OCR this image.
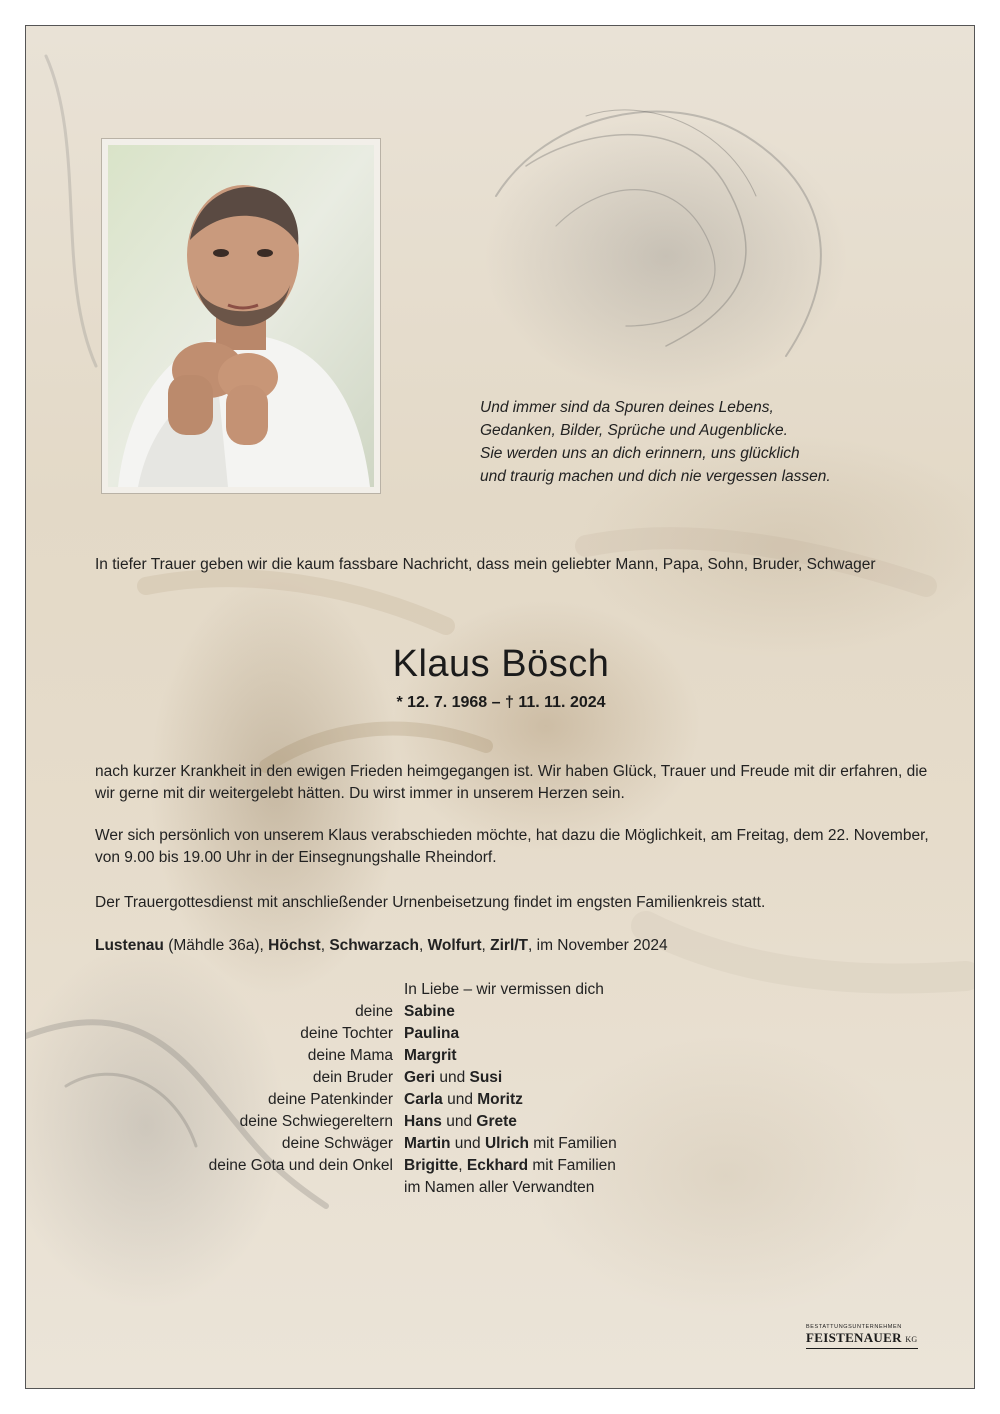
Und immer sind da Spuren deines Lebens,
Gedanken, Bilder, Sprüche und Augenblicke.
Sie werden uns an dich erinnern, uns glücklich
und traurig machen und dich nie vergessen lassen.
In tiefer Trauer geben wir die kaum fassbare Nachricht, dass mein geliebter Mann, Papa, Sohn, Bruder, Schwager
Klaus Bösch
* 12. 7. 1968 – † 11. 11. 2024
nach kurzer Krankheit in den ewigen Frieden heimgegangen ist. Wir haben Glück, Trauer und Freude mit dir erfahren, die wir gerne mit dir weitergelebt hätten. Du wirst immer in unserem Herzen sein.
Wer sich persönlich von unserem Klaus verabschieden möchte, hat dazu die Möglichkeit, am Freitag, dem 22. November, von 9.00 bis 19.00 Uhr in der Einsegnungshalle Rheindorf.
Der Trauergottesdienst mit anschließender Urnenbeisetzung findet im engsten Familienkreis statt.
Lustenau (Mähdle 36a), Höchst, Schwarzach, Wolfurt, Zirl/T, im November 2024
In Liebe – wir vermissen dich
deine Sabine
deine Tochter Paulina
deine Mama Margrit
dein Bruder Geri und Susi
deine Patenkinder Carla und Moritz
deine Schwiegereltern Hans und Grete
deine Schwäger Martin und Ulrich mit Familien
deine Gota und dein Onkel Brigitte, Eckhard mit Familien
im Namen aller Verwandten
BESTATTUNGSUNTERNEHMEN
FEISTENAUER KG
